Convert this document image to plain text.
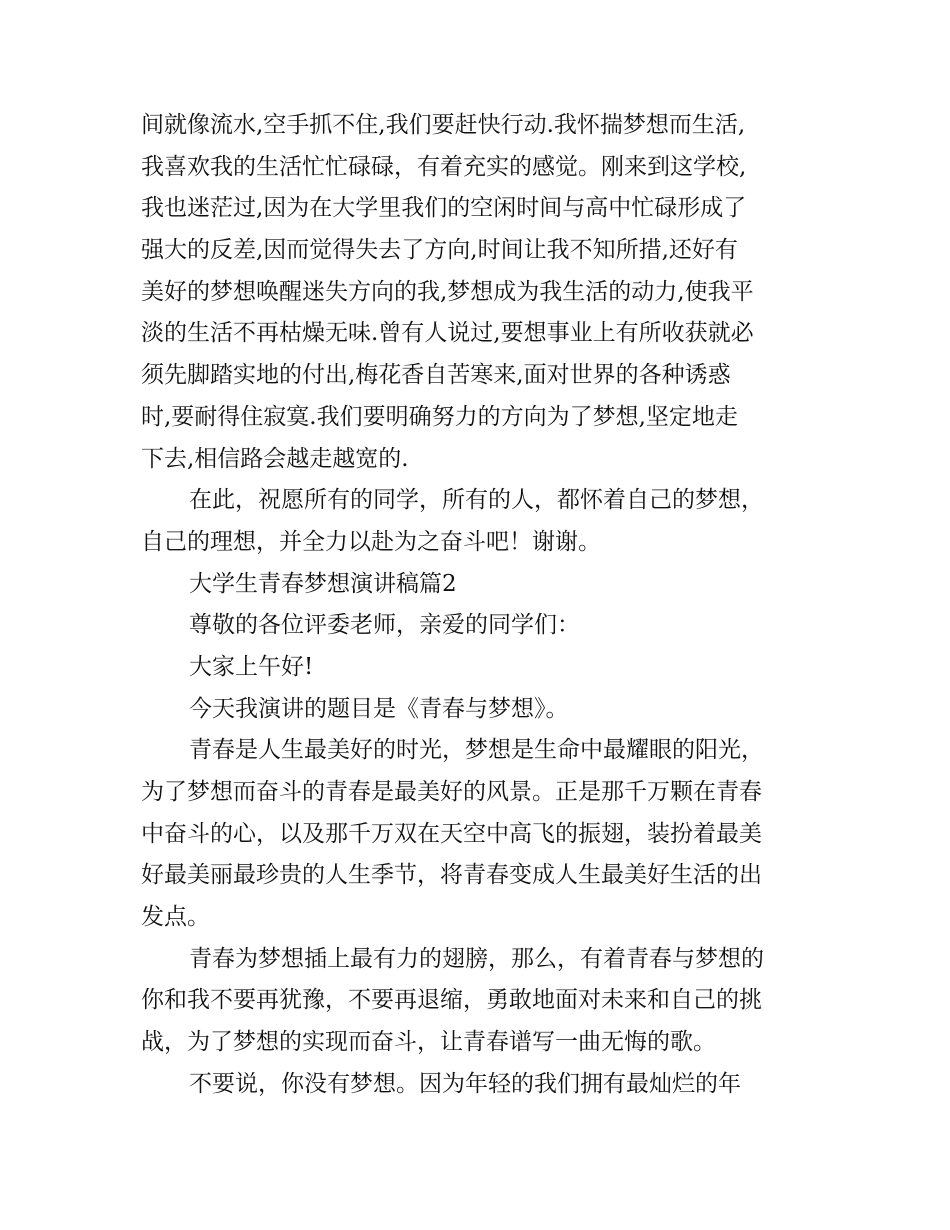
间就像流水,空手抓不住,我们要赶快行动.我怀揣梦想而生活,
我喜欢我的生活忙忙碌碌，有着充实的感觉。刚来到这学校,
我也迷茫过,因为在大学里我们的空闲时间与高中忙碌形成了
强大的反差,因而觉得失去了方向,时间让我不知所措,还好有
美好的梦想唤醒迷失方向的我,梦想成为我生活的动力,使我平
淡的生活不再枯燥无味.曾有人说过,要想事业上有所收获就必
须先脚踏实地的付出,梅花香自苦寒来,面对世界的各种诱惑
时,要耐得住寂寞.我们要明确努力的方向为了梦想,坚定地走
下去,相信路会越走越宽的.
在此，祝愿所有的同学，所有的人，都怀着自己的梦想，
自己的理想，并全力以赴为之奋斗吧！谢谢。
大学生青春梦想演讲稿篇2
尊敬的各位评委老师，亲爱的同学们：
大家上午好!
今天我演讲的题目是《青春与梦想》。
青春是人生最美好的时光，梦想是生命中最耀眼的阳光，
为了梦想而奋斗的青春是最美好的风景。正是那千万颗在青春
中奋斗的心，以及那千万双在天空中高飞的振翅，装扮着最美
好最美丽最珍贵的人生季节，将青春变成人生最美好生活的出
发点。
青春为梦想插上最有力的翅膀，那么，有着青春与梦想的
你和我不要再犹豫，不要再退缩，勇敢地面对未来和自己的挑
战，为了梦想的实现而奋斗，让青春谱写一曲无悔的歌。
不要说，你没有梦想。因为年轻的我们拥有最灿烂的年
